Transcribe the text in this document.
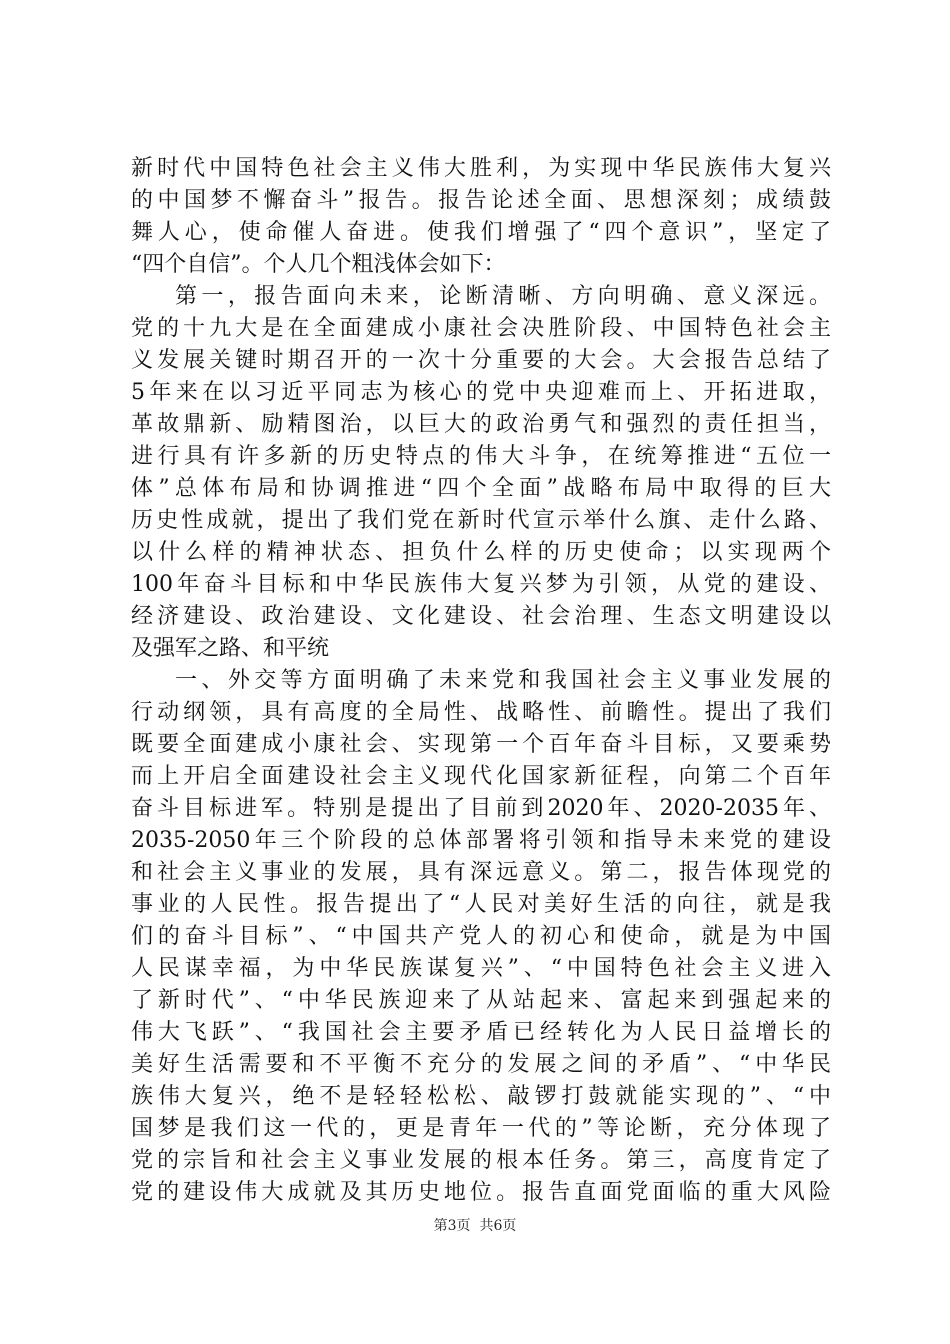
新时代中国特色社会主义伟大胜利，为实现中华民族伟大复兴
的中国梦不懈奋斗”报告。报告论述全面、思想深刻；成绩鼓
舞人心，使命催人奋进。使我们增强了“四个意识”，坚定了
“四个自信”。个人几个粗浅体会如下：
第一，报告面向未来，论断清晰、方向明确、意义深远。
党的十九大是在全面建成小康社会决胜阶段、中国特色社会主
义发展关键时期召开的一次十分重要的大会。大会报告总结了
5年来在以习近平同志为核心的党中央迎难而上、开拓进取，
革故鼎新、励精图治，以巨大的政治勇气和强烈的责任担当，
进行具有许多新的历史特点的伟大斗争，在统筹推进“五位一
体”总体布局和协调推进“四个全面”战略布局中取得的巨大
历史性成就，提出了我们党在新时代宣示举什么旗、走什么路、
以什么样的精神状态、担负什么样的历史使命；以实现两个
100年奋斗目标和中华民族伟大复兴梦为引领，从党的建设、
经济建设、政治建设、文化建设、社会治理、生态文明建设以
及强军之路、和平统
一、外交等方面明确了未来党和我国社会主义事业发展的
行动纲领，具有高度的全局性、战略性、前瞻性。提出了我们
既要全面建成小康社会、实现第一个百年奋斗目标，又要乘势
而上开启全面建设社会主义现代化国家新征程，向第二个百年
奋斗目标进军。特别是提出了目前到2020年、2020-2035年、
2035-2050年三个阶段的总体部署将引领和指导未来党的建设
和社会主义事业的发展，具有深远意义。第二，报告体现党的
事业的人民性。报告提出了“人民对美好生活的向往，就是我
们的奋斗目标”、“中国共产党人的初心和使命，就是为中国
人民谋幸福，为中华民族谋复兴”、“中国特色社会主义进入
了新时代”、“中华民族迎来了从站起来、富起来到强起来的
伟大飞跃”、“我国社会主要矛盾已经转化为人民日益增长的
美好生活需要和不平衡不充分的发展之间的矛盾”、“中华民
族伟大复兴，绝不是轻轻松松、敲锣打鼓就能实现的”、“中
国梦是我们这一代的，更是青年一代的”等论断，充分体现了
党的宗旨和社会主义事业发展的根本任务。第三，高度肯定了
党的建设伟大成就及其历史地位。报告直面党面临的重大风险
第3页  共6页
